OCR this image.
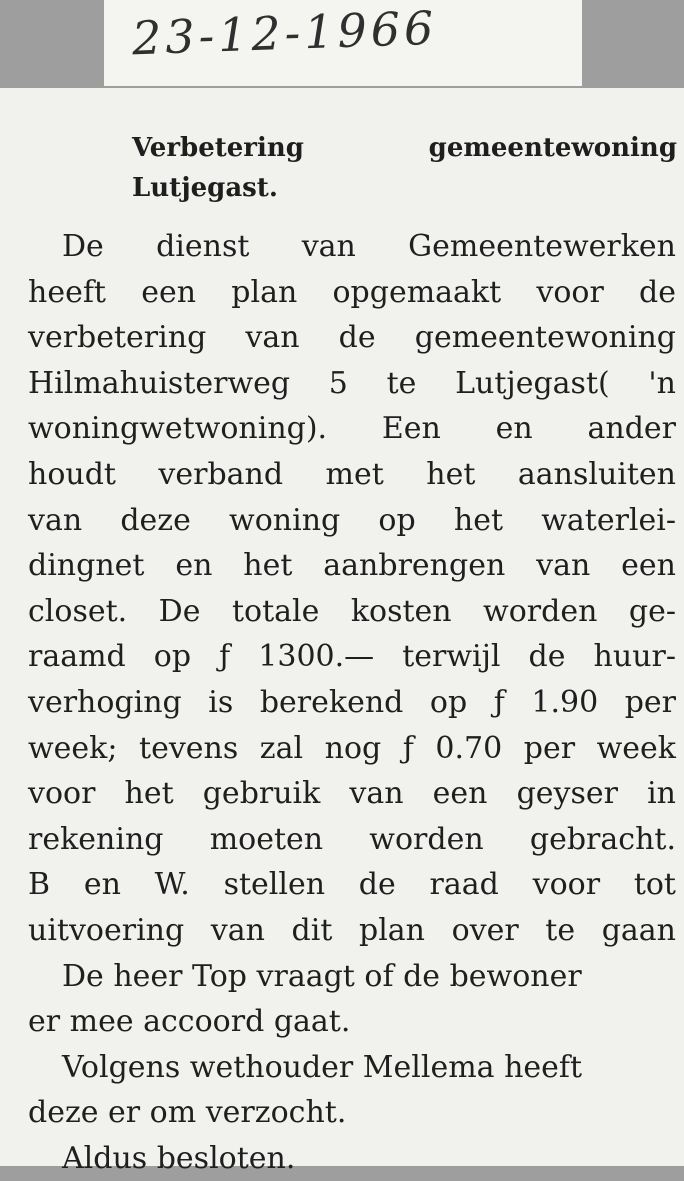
23-12-1966
Verbetering gemeentewoning
Lutjegast.
De dienst van Gemeentewerken
heeft een plan opgemaakt voor de
verbetering van de gemeentewoning
Hilmahuisterweg 5 te Lutjegast( 'n
woningwetwoning). Een en ander
houdt verband met het aansluiten
van deze woning op het waterlei-
dingnet en het aanbrengen van een
closet. De totale kosten worden ge-
raamd op ƒ 1300.— terwijl de huur-
verhoging is berekend op ƒ 1.90 per
week; tevens zal nog ƒ 0.70 per week
voor het gebruik van een geyser in
rekening moeten worden gebracht.
B en W. stellen de raad voor tot
uitvoering van dit plan over te gaan
De heer Top vraagt of de bewoner
er mee accoord gaat.
Volgens wethouder Mellema heeft
deze er om verzocht.
Aldus besloten.
